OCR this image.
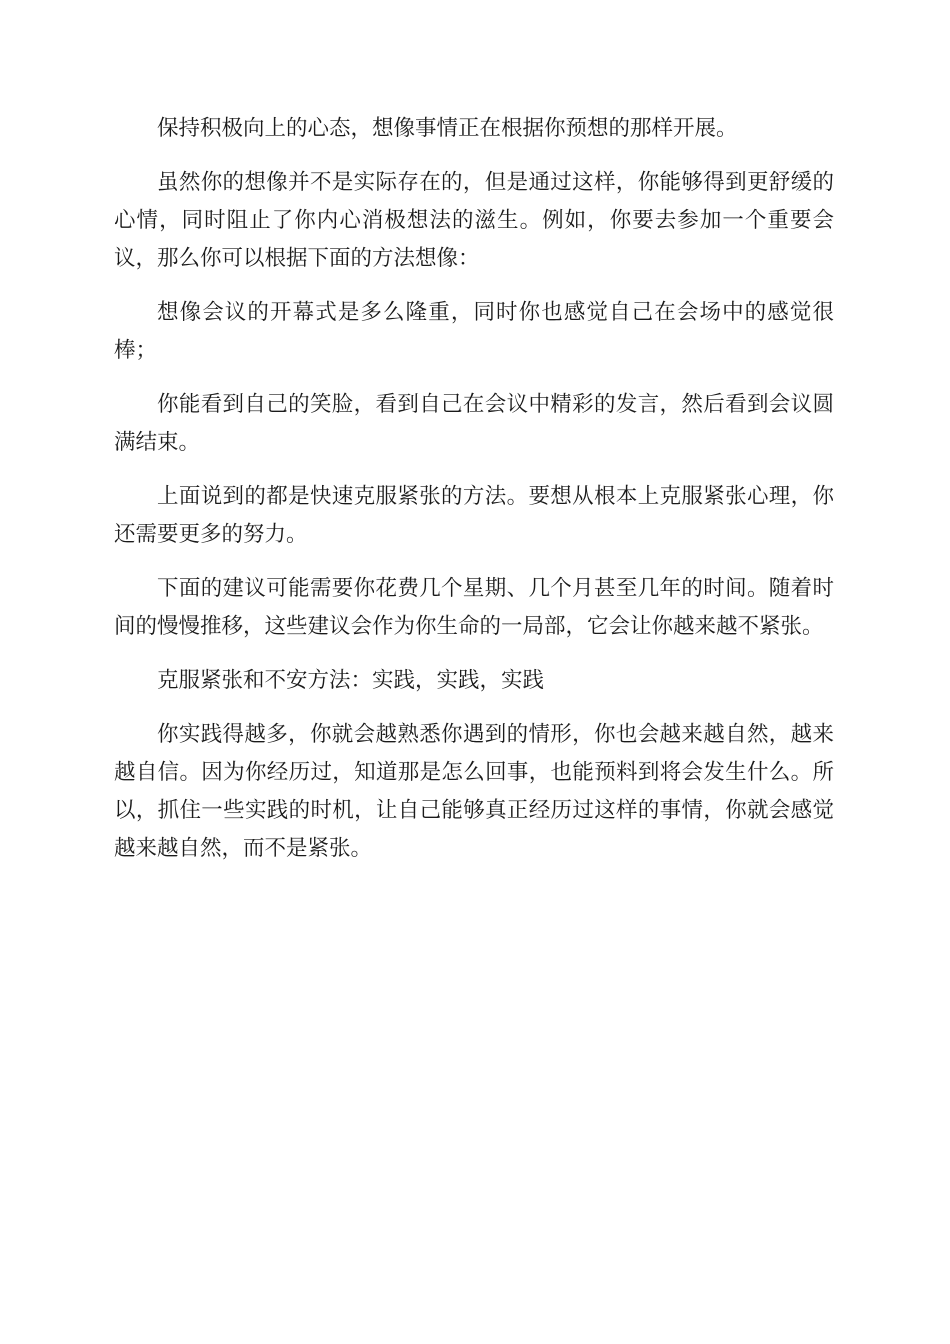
保持积极向上的心态，想像事情正在根据你预想的那样开展。

虽然你的想像并不是实际存在的，但是通过这样，你能够得到更舒缓的心情，同时阻止了你内心消极想法的滋生。例如，你要去参加一个重要会议，那么你可以根据下面的方法想像：

想像会议的开幕式是多么隆重，同时你也感觉自己在会场中的感觉很棒；

你能看到自己的笑脸，看到自己在会议中精彩的发言，然后看到会议圆满结束。

上面说到的都是快速克服紧张的方法。要想从根本上克服紧张心理，你还需要更多的努力。

下面的建议可能需要你花费几个星期、几个月甚至几年的时间。随着时间的慢慢推移，这些建议会作为你生命的一局部，它会让你越来越不紧张。

克服紧张和不安方法：实践，实践，实践

你实践得越多，你就会越熟悉你遇到的情形，你也会越来越自然，越来越自信。因为你经历过，知道那是怎么回事，也能预料到将会发生什么。所以，抓住一些实践的时机，让自己能够真正经历过这样的事情，你就会感觉越来越自然，而不是紧张。
